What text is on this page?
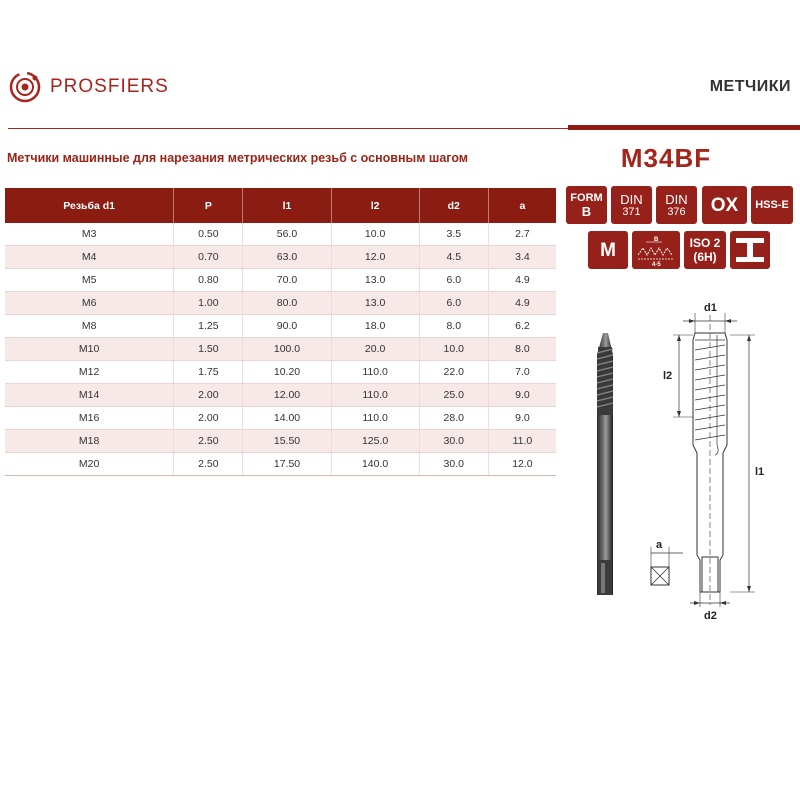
PROSFIERS	МЕТЧИКИ
Метчики машинные для нарезания метрических резьб с основным шагом	M34BF
Резьба d1	P	l1	l2	d2	a
M3	0.50	56.0	10.0	3.5	2.7
M4	0.70	63.0	12.0	4.5	3.4
M5	0.80	70.0	13.0	6.0	4.9
M6	1.00	80.0	13.0	6.0	4.9
M8	1.25	90.0	18.0	8.0	6.2
M10	1.50	100.0	20.0	10.0	8.0
M12	1.75	10.20	110.0	22.0	7.0
M14	2.00	12.00	110.0	25.0	9.0
M16	2.00	14.00	110.0	28.0	9.0
M18	2.50	15.50	125.0	30.0	11.0
M20	2.50	17.50	140.0	30.0	12.0
FORM
B
DIN
371
DIN
376 OX HSS-E
M	B
4-5
ISO 2
(6H)
d1
l2
l1
a
d2
